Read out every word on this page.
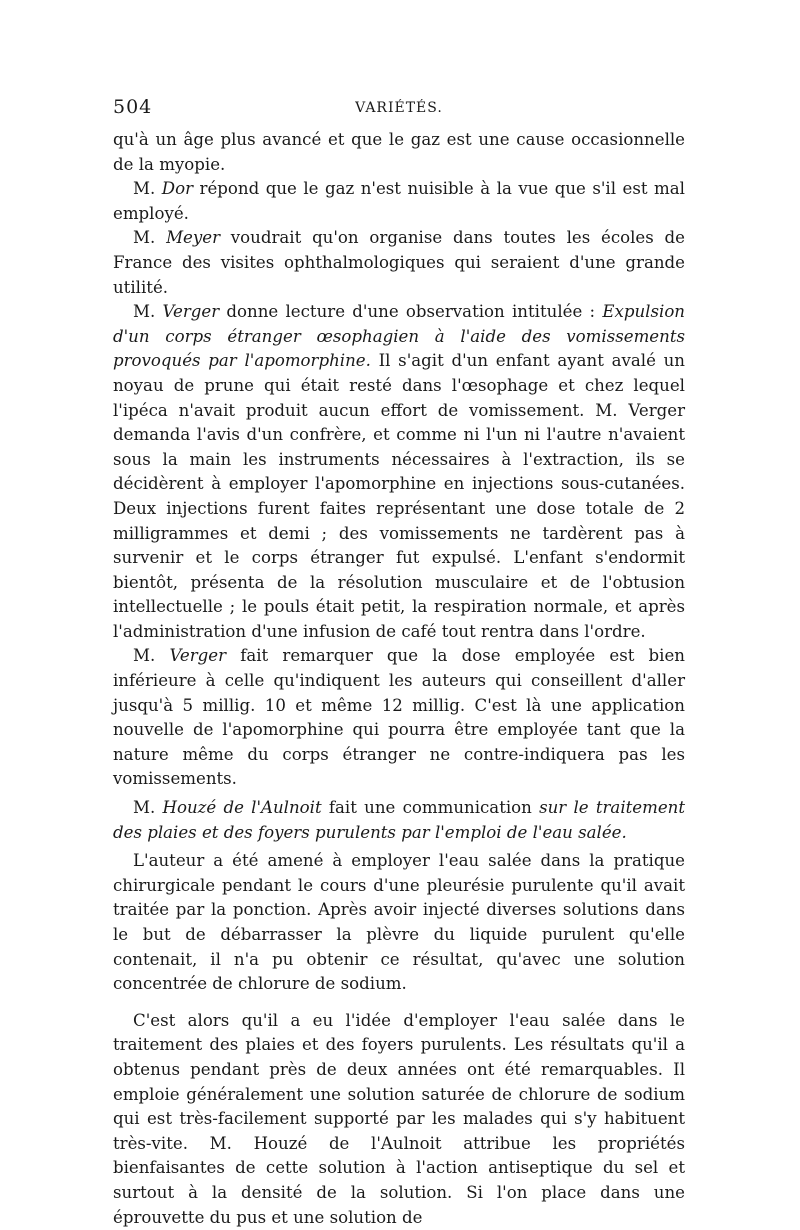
504	VARIÉTÉS.

qu'à un âge plus avancé et que le gaz est une cause occasionnelle de la myopie.

M. Dor répond que le gaz n'est nuisible à la vue que s'il est mal employé.

M. Meyer voudrait qu'on organise dans toutes les écoles de France des visites ophthalmologiques qui seraient d'une grande utilité.

M. Verger donne lecture d'une observation intitulée : Expulsion d'un corps étranger œsophagien à l'aide des vomissements provoqués par l'apomorphine. Il s'agit d'un enfant ayant avalé un noyau de prune qui était resté dans l'œsophage et chez lequel l'ipéca n'avait produit aucun effort de vomissement. M. Verger demanda l'avis d'un confrère, et comme ni l'un ni l'autre n'avaient sous la main les instruments nécessaires à l'extraction, ils se décidèrent à employer l'apomorphine en injections sous-cutanées. Deux injections furent faites représentant une dose totale de 2 milligrammes et demi ; des vomissements ne tardèrent pas à survenir et le corps étranger fut expulsé. L'enfant s'endormit bientôt, présenta de la résolution musculaire et de l'obtusion intellectuelle ; le pouls était petit, la respiration normale, et après l'administration d'une infusion de café tout rentra dans l'ordre.

M. Verger fait remarquer que la dose employée est bien inférieure à celle qu'indiquent les auteurs qui conseillent d'aller jusqu'à 5 millig. 10 et même 12 millig. C'est là une application nouvelle de l'apomorphine qui pourra être employée tant que la nature même du corps étranger ne contre-indiquera pas les vomissements.

M. Houzé de l'Aulnoit fait une communication sur le traitement des plaies et des foyers purulents par l'emploi de l'eau salée.

L'auteur a été amené à employer l'eau salée dans la pratique chirurgicale pendant le cours d'une pleurésie purulente qu'il avait traitée par la ponction. Après avoir injecté diverses solutions dans le but de débarrasser la plèvre du liquide purulent qu'elle contenait, il n'a pu obtenir ce résultat, qu'avec une solution concentrée de chlorure de sodium.

C'est alors qu'il a eu l'idée d'employer l'eau salée dans le traitement des plaies et des foyers purulents. Les résultats qu'il a obtenus pendant près de deux années ont été remarquables. Il emploie généralement une solution saturée de chlorure de sodium qui est très-facilement supporté par les malades qui s'y habituent très-vite. M. Houzé de l'Aulnoit attribue les propriétés bienfaisantes de cette solution à l'action antiseptique du sel et surtout à la densité de la solution. Si l'on place dans une éprouvette du pus et une solution de
